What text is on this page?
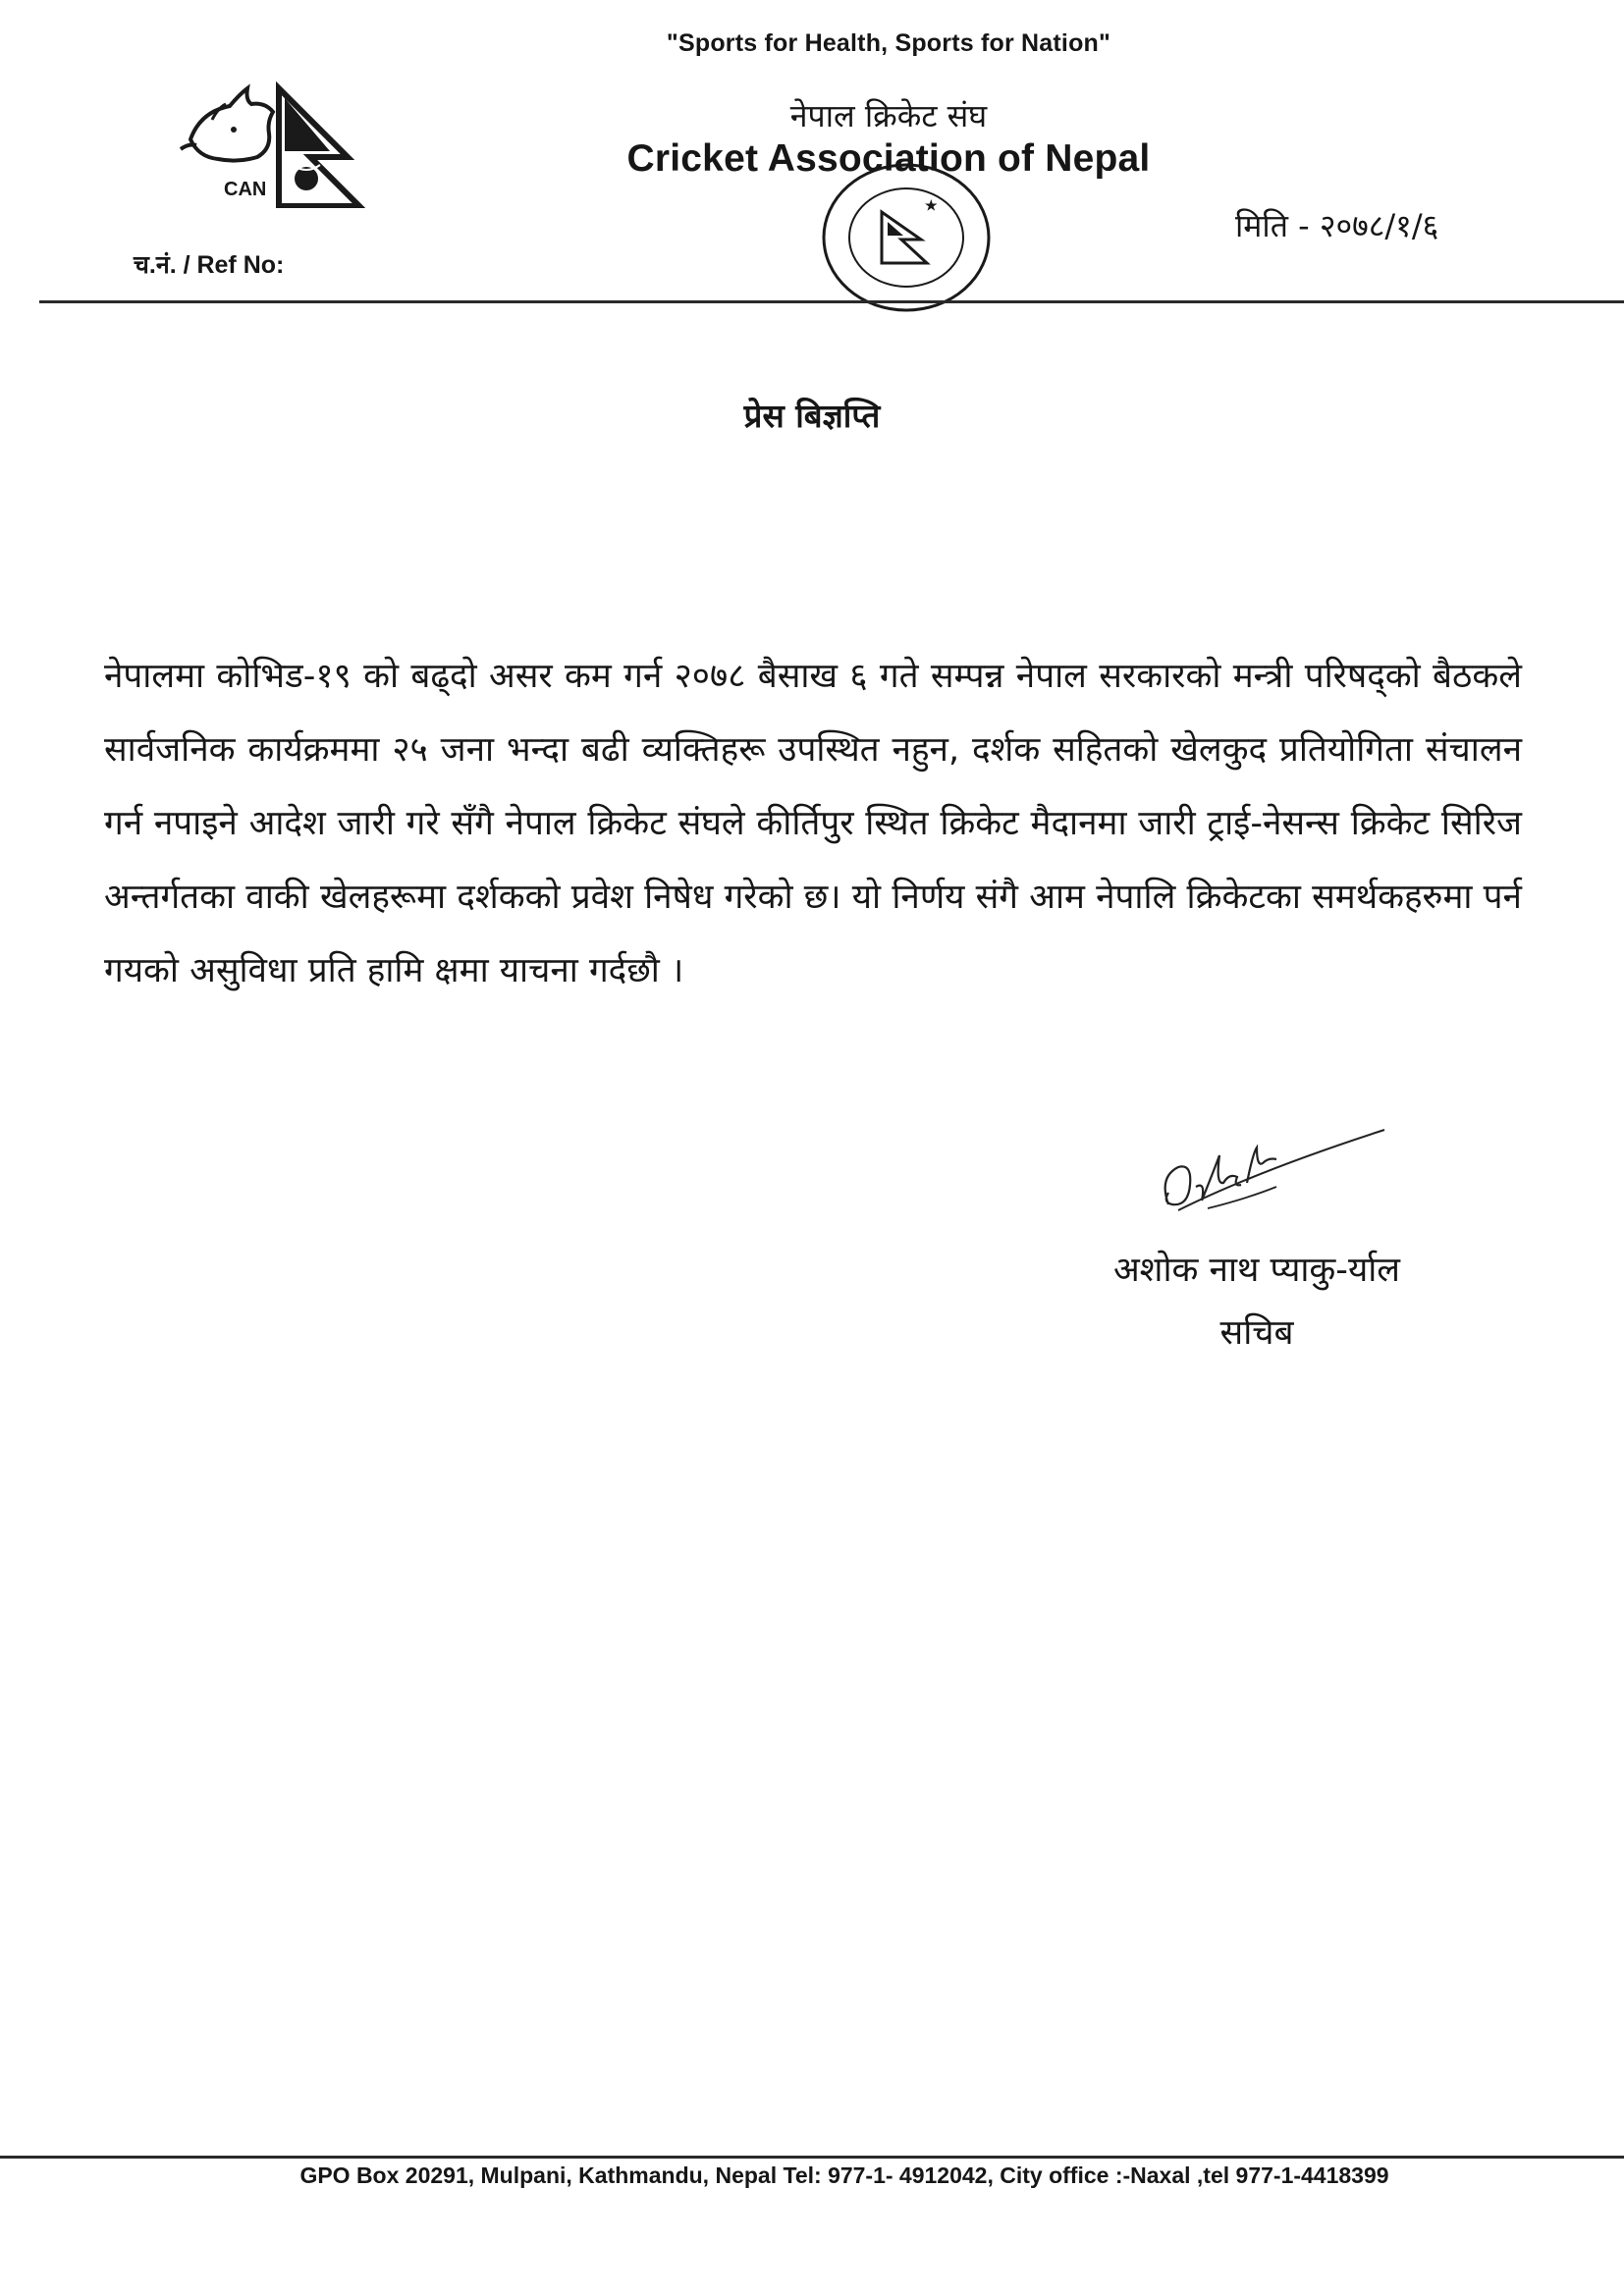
CAN
★
"Sports for Health, Sports for Nation"
नेपाल क्रिकेट संघ
Cricket Association of Nepal
च.नं. / Ref No:
मिति - २०७८/१/६
प्रेस बिज्ञप्ति

नेपालमा कोभिड-१९ को बढ्दो असर कम गर्न २०७८ बैसाख ६ गते सम्पन्न नेपाल सरकारको मन्त्री परिषद्को बैठकले सार्वजनिक कार्यक्रममा २५ जना भन्दा बढी व्यक्तिहरू उपस्थित नहुन, दर्शक सहितको खेलकुद प्रतियोगिता संचालन गर्न नपाइने आदेश जारी गरे सँगै नेपाल क्रिकेट संघले कीर्तिपुर स्थित क्रिकेट मैदानमा जारी ट्राई-नेसन्स क्रिकेट सिरिज अन्तर्गतका वाकी खेलहरूमा दर्शकको प्रवेश निषेध गरेको छ। यो निर्णय संगै आम नेपालि क्रिकेटका समर्थकहरुमा पर्न गयको असुविधा प्रति हामि क्षमा याचना गर्दछौ ।

अशोक नाथ प्याकु-र्याल
सचिब
GPO Box 20291, Mulpani, Kathmandu, Nepal Tel: 977-1- 4912042, City office :-Naxal ,tel 977-1-4418399
